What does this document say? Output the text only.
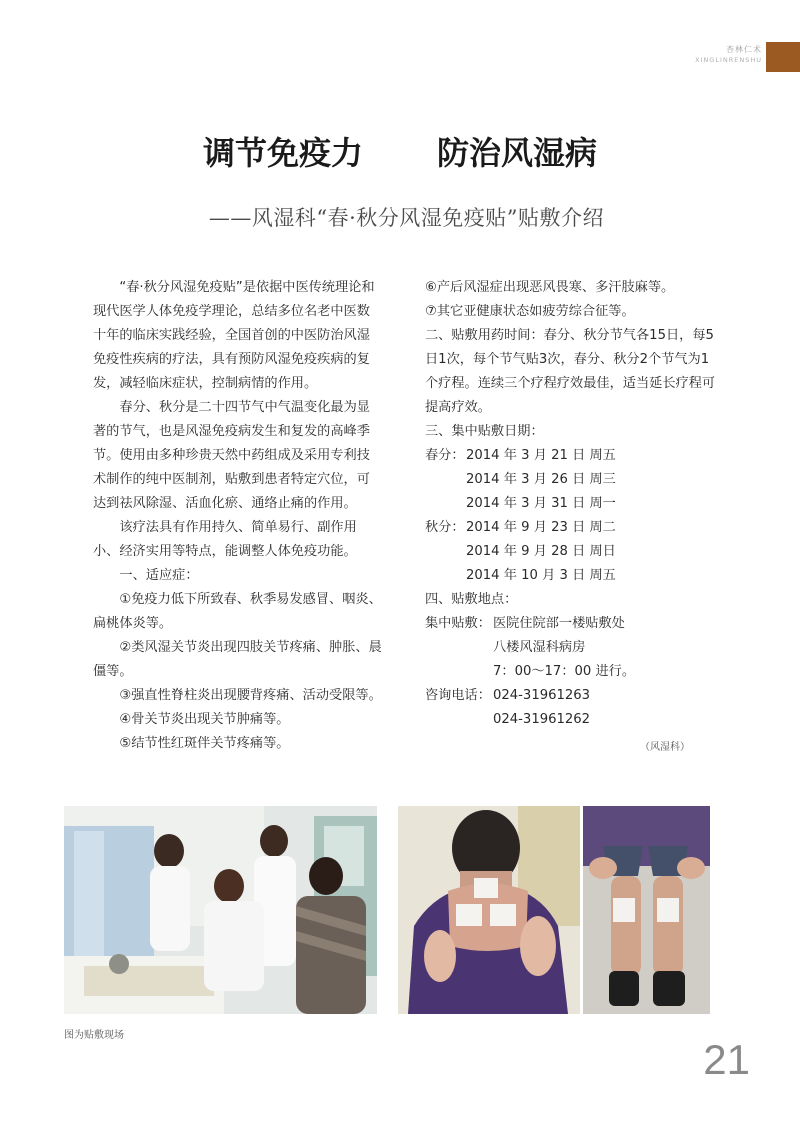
杏林仁术
XINGLINRENSHU
调节免疫力 防治风湿病
——风湿科“春·秋分风湿免疫贴”贴敷介绍

“春·秋分风湿免疫贴”是依据中医传统理论和现代医学人体免疫学理论，总结多位名老中医数十年的临床实践经验，全国首创的中医防治风湿免疫性疾病的疗法，具有预防风湿免疫疾病的复发，减轻临床症状，控制病情的作用。

春分、秋分是二十四节气中气温变化最为显著的节气，也是风湿免疫病发生和复发的高峰季节。使用由多种珍贵天然中药组成及采用专利技术制作的纯中医制剂，贴敷到患者特定穴位，可达到祛风除湿、活血化瘀、通络止痛的作用。

该疗法具有作用持久、简单易行、副作用小、经济实用等特点，能调整人体免疫功能。

一、适应症：

①免疫力低下所致春、秋季易发感冒、咽炎、扁桃体炎等。

②类风湿关节炎出现四肢关节疼痛、肿胀、晨僵等。

③强直性脊柱炎出现腰背疼痛、活动受限等。

④骨关节炎出现关节肿痛等。

⑤结节性红斑伴关节疼痛等。

⑥产后风湿症出现恶风畏寒、多汗肢麻等。

⑦其它亚健康状态如疲劳综合征等。

二、贴敷用药时间：春分、秋分节气各15日，每5日1次，每个节气贴3次，春分、秋分2个节气为1个疗程。连续三个疗程疗效最佳，适当延长疗程可提高疗效。

三、集中贴敷日期：

春分： 2014 年 3 月 21 日 周五
2014 年 3 月 26 日 周三
2014 年 3 月 31 日 周一
秋分： 2014 年 9 月 23 日 周二
2014 年 9 月 28 日 周日
2014 年 10 月 3 日 周五

四、贴敷地点：

集中贴敷： 医院住院部一楼贴敷处
八楼风湿科病房
7：00～17：00 进行。
咨询电话： 024-31961263
024-31961262
（风湿科）
图为贴敷现场
21
